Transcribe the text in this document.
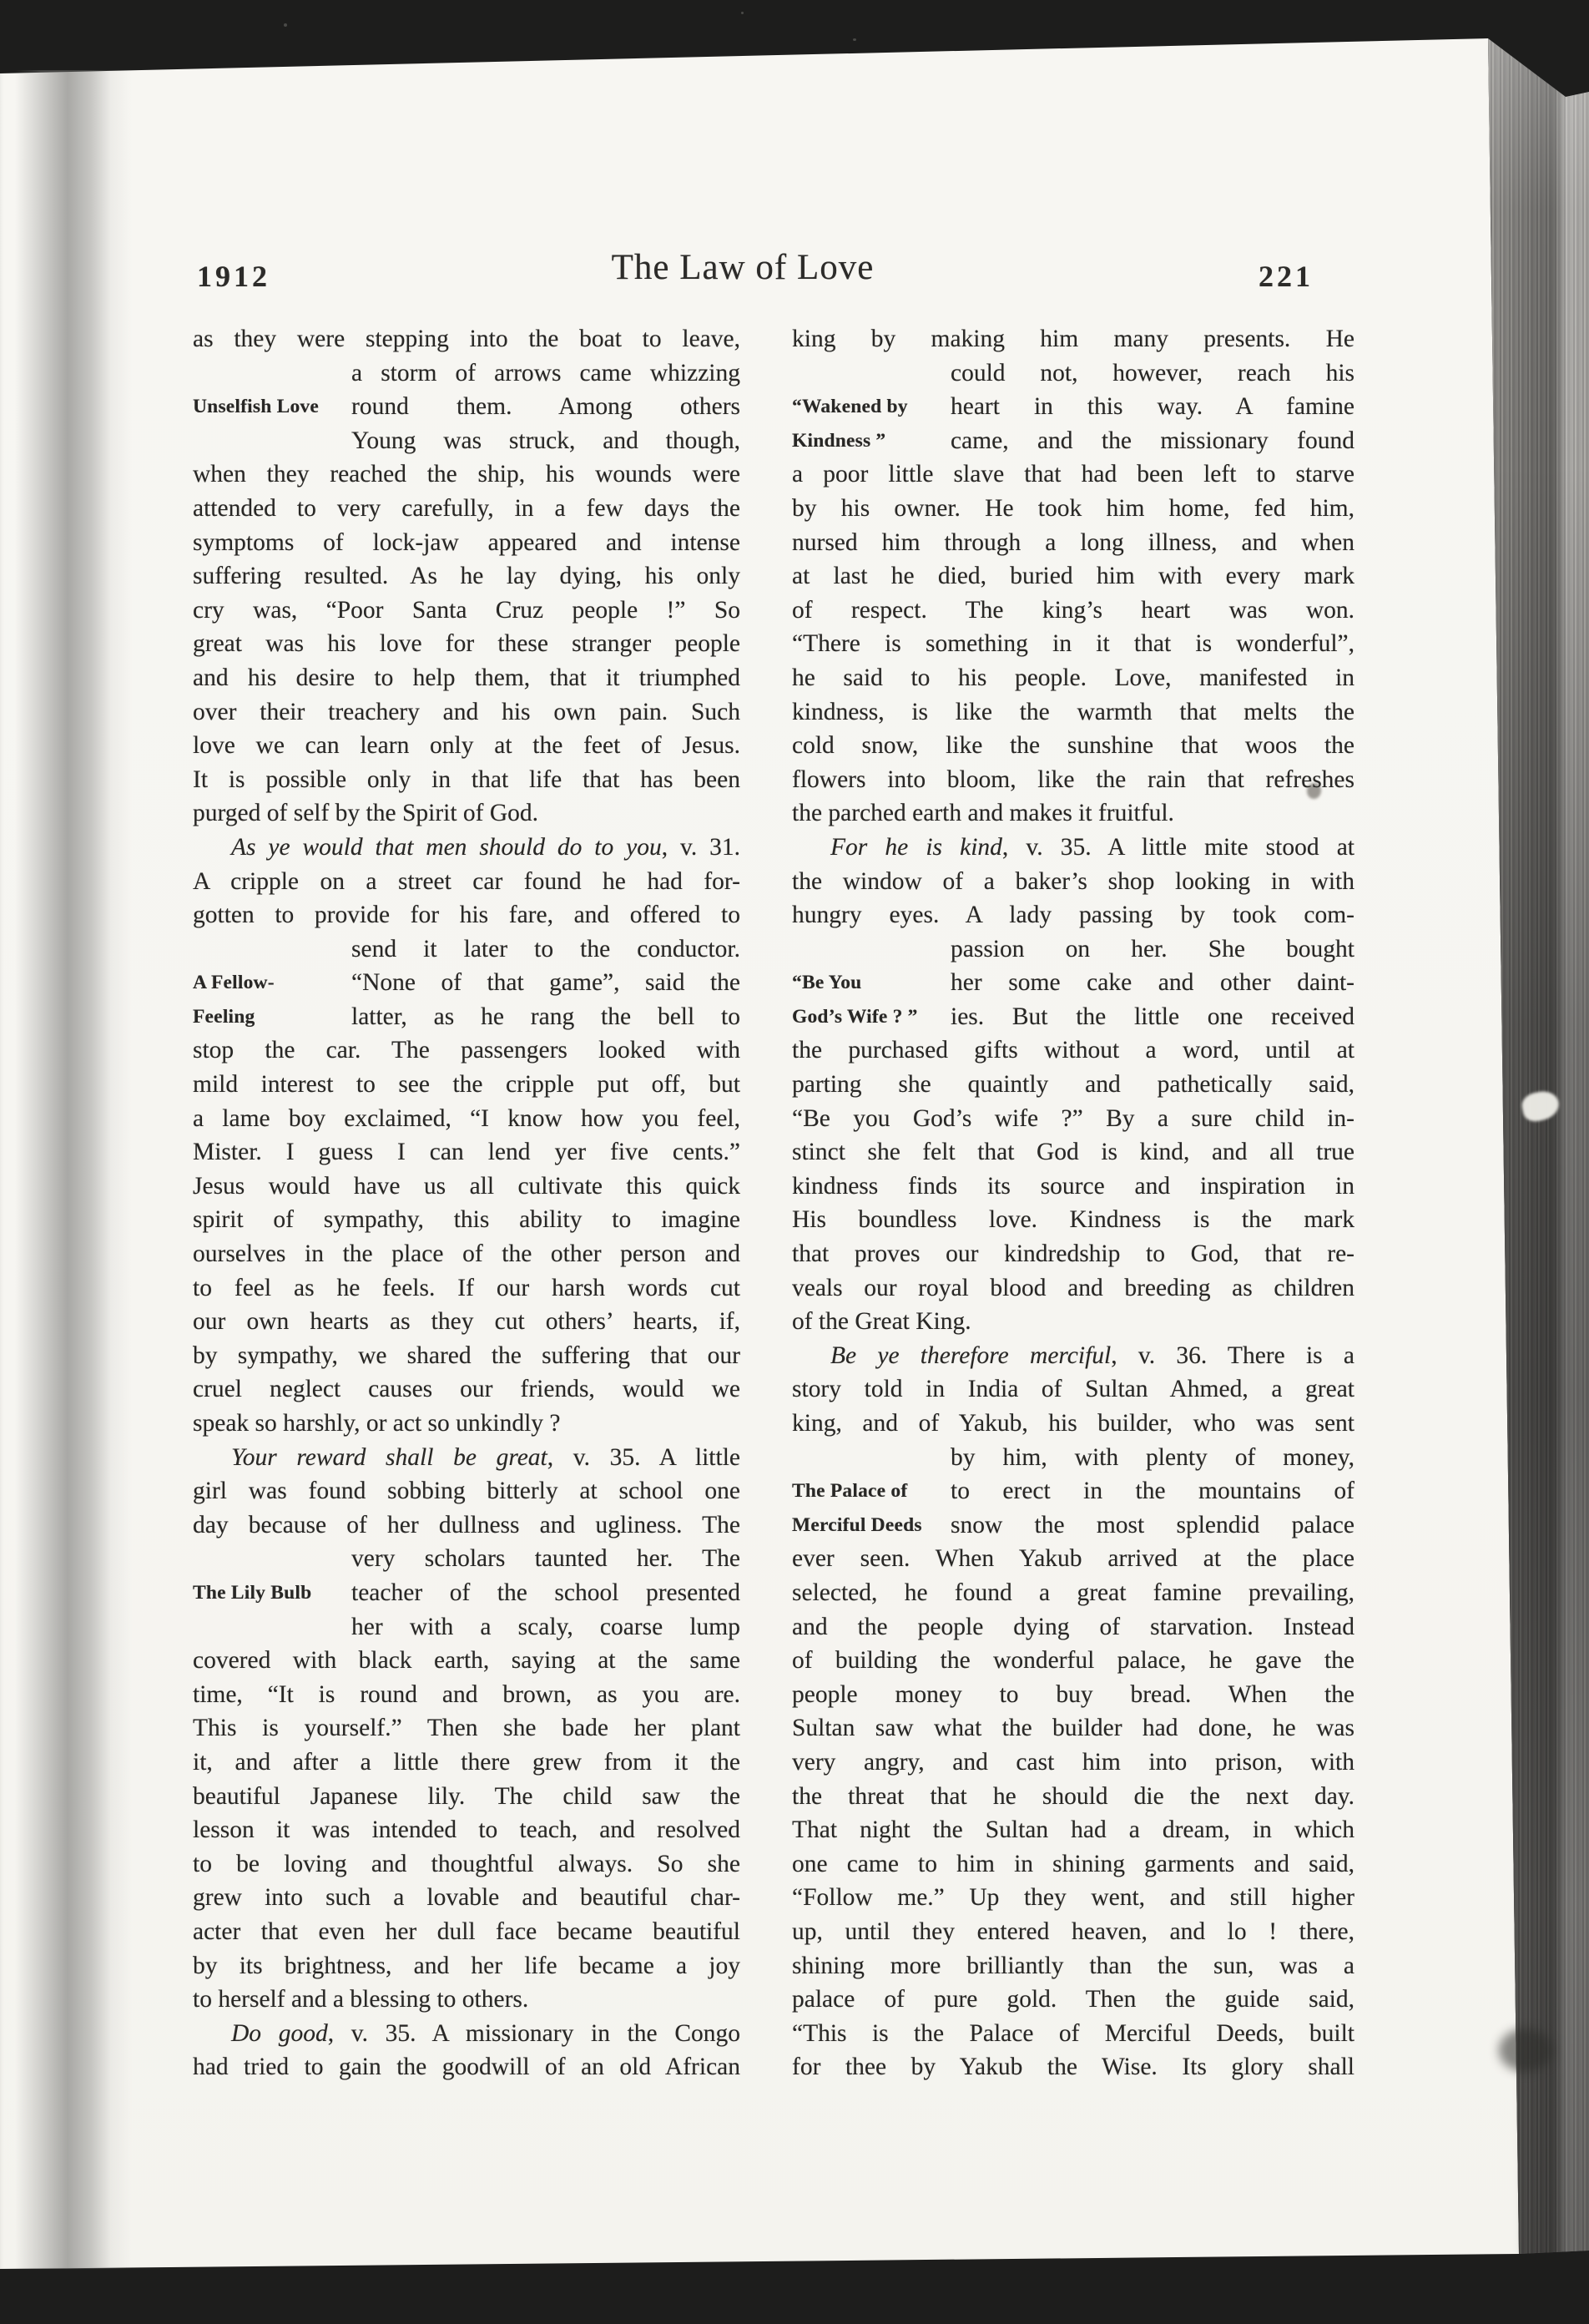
1912	The Law of Love	221
as they were stepping into the boat to leave,
a storm of arrows came whizzing
Unselfish Love round them. Among others
Young was struck, and though,
when they reached the ship, his wounds were
attended to very carefully, in a few days the
symptoms of lock-jaw appeared and intense
suffering resulted. As he lay dying, his only
cry was, “Poor Santa Cruz people !” So
great was his love for these stranger people
and his desire to help them, that it triumphed
over their treachery and his own pain. Such
love we can learn only at the feet of Jesus.
It is possible only in that life that has been
purged of self by the Spirit of God.
As ye would that men should do to you, v. 31.
A cripple on a street car found he had for-
gotten to provide for his fare, and offered to
send it later to the conductor.
A Fellow-	“None of that game”, said the
Feeling	latter, as he rang the bell to
stop the car. The passengers looked with
mild interest to see the cripple put off, but
a lame boy exclaimed, “I know how you feel,
Mister. I guess I can lend yer five cents.”
Jesus would have us all cultivate this quick
spirit of sympathy, this ability to imagine
ourselves in the place of the other person and
to feel as he feels. If our harsh words cut
our own hearts as they cut others’ hearts, if,
by sympathy, we shared the suffering that our
cruel neglect causes our friends, would we
speak so harshly, or act so unkindly ?
Your reward shall be great, v. 35. A little
girl was found sobbing bitterly at school one
day because of her dullness and ugliness. The
very scholars taunted her. The
The Lily Bulb teacher of the school presented
her with a scaly, coarse lump
covered with black earth, saying at the same
time, “It is round and brown, as you are.
This is yourself.” Then she bade her plant
it, and after a little there grew from it the
beautiful Japanese lily. The child saw the
lesson it was intended to teach, and resolved
to be loving and thoughtful always. So she
grew into such a lovable and beautiful char-
acter that even her dull face became beautiful
by its brightness, and her life became a joy
to herself and a blessing to others.
Do good, v. 35. A missionary in the Congo
had tried to gain the goodwill of an old African
king by making him many presents. He
could not, however, reach his
“Wakened by heart in this way. A famine
Kindness ”	came, and the missionary found
a poor little slave that had been left to starve
by his owner. He took him home, fed him,
nursed him through a long illness, and when
at last he died, buried him with every mark
of respect. The king’s heart was won.
“There is something in it that is wonderful”,
he said to his people. Love, manifested in
kindness, is like the warmth that melts the
cold snow, like the sunshine that woos the
flowers into bloom, like the rain that refreshes
the parched earth and makes it fruitful.
For he is kind, v. 35. A little mite stood at
the window of a baker’s shop looking in with
hungry eyes. A lady passing by took com-
passion on her. She bought
“Be You	her some cake and other daint-
God’s Wife ? ” ies. But the little one received
the purchased gifts without a word, until at
parting she quaintly and pathetically said,
“Be you God’s wife ?” By a sure child in-
stinct she felt that God is kind, and all true
kindness finds its source and inspiration in
His boundless love. Kindness is the mark
that proves our kindredship to God, that re-
veals our royal blood and breeding as children
of the Great King.
Be ye therefore merciful, v. 36. There is a
story told in India of Sultan Ahmed, a great
king, and of Yakub, his builder, who was sent
by him, with plenty of money,
The Palace of to erect in the mountains of
Merciful Deeds snow the most splendid palace
ever seen. When Yakub arrived at the place
selected, he found a great famine prevailing,
and the people dying of starvation. Instead
of building the wonderful palace, he gave the
people money to buy bread. When the
Sultan saw what the builder had done, he was
very angry, and cast him into prison, with
the threat that he should die the next day.
That night the Sultan had a dream, in which
one came to him in shining garments and said,
“Follow me.” Up they went, and still higher
up, until they entered heaven, and lo ! there,
shining more brilliantly than the sun, was a
palace of pure gold. Then the guide said,
“This is the Palace of Merciful Deeds, built
for thee by Yakub the Wise. Its glory shall
